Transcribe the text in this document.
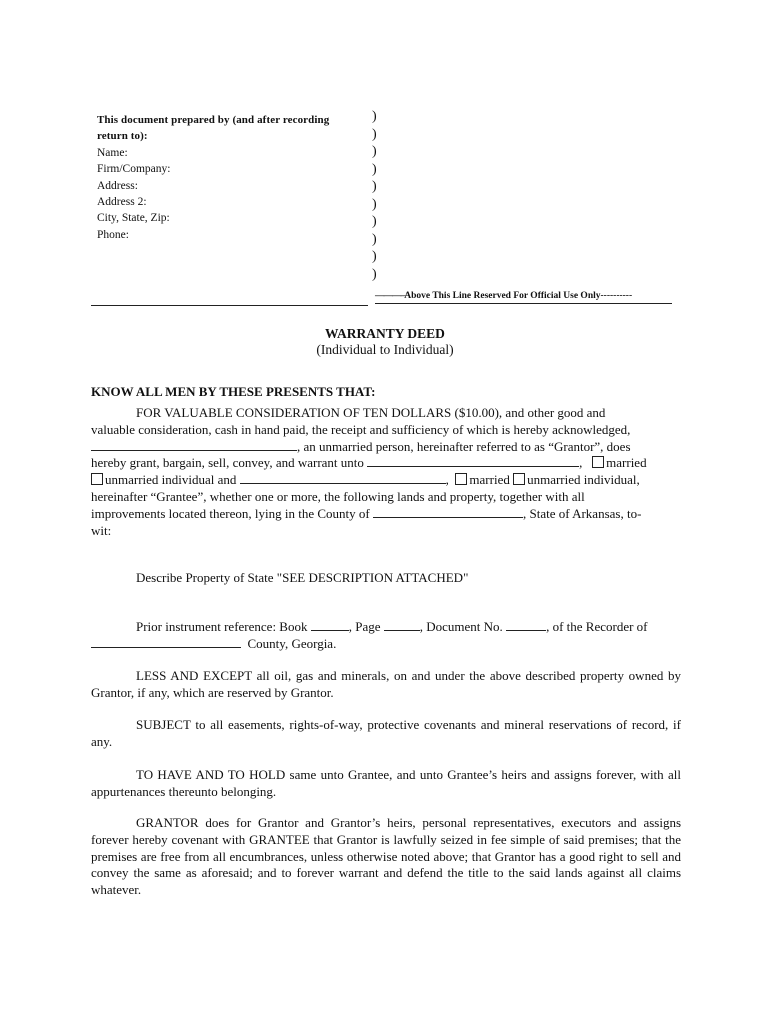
This document prepared by (and after recording
return to):
Name:
Firm/Company:
Address:
Address 2:
City, State, Zip:
Phone:
)
)
)
)
)
)
)
)
)
)
———–Above This Line Reserved For Official Use Only----------
WARRANTY DEED
(Individual to Individual)
KNOW ALL MEN BY THESE PRESENTS THAT:
FOR VALUABLE CONSIDERATION OF TEN DOLLARS ($10.00), and other good and
valuable consideration, cash in hand paid, the receipt and sufficiency of which is hereby acknowledged,
, an unmarried person, hereinafter referred to as “Grantor”, does
hereby grant, bargain, sell, convey, and warrant unto	, married
unmarried individual and	,  married unmarried individual,
hereinafter “Grantee”, whether one or more, the following lands and property, together with all
improvements located thereon, lying in the County of	, State of Arkansas, to-
wit:
Describe Property of State "SEE DESCRIPTION ATTACHED"
Prior instrument reference: Book	, Page	, Document No.	, of the Recorder of
County, Georgia.
LESS AND EXCEPT all oil, gas and minerals, on and under the above described property owned by Grantor, if any, which are reserved by Grantor.
SUBJECT to all easements, rights-of-way, protective covenants and mineral reservations of record, if any.
TO HAVE AND TO HOLD same unto Grantee, and unto Grantee’s heirs and assigns forever, with all appurtenances thereunto belonging.
GRANTOR does for Grantor and Grantor’s heirs, personal representatives, executors and assigns forever hereby covenant with GRANTEE that Grantor is lawfully seized in fee simple of said premises; that the premises are free from all encumbrances, unless otherwise noted above; that Grantor has a good right to sell and convey the same as aforesaid; and to forever warrant and defend the title to the said lands against all claims whatever.
